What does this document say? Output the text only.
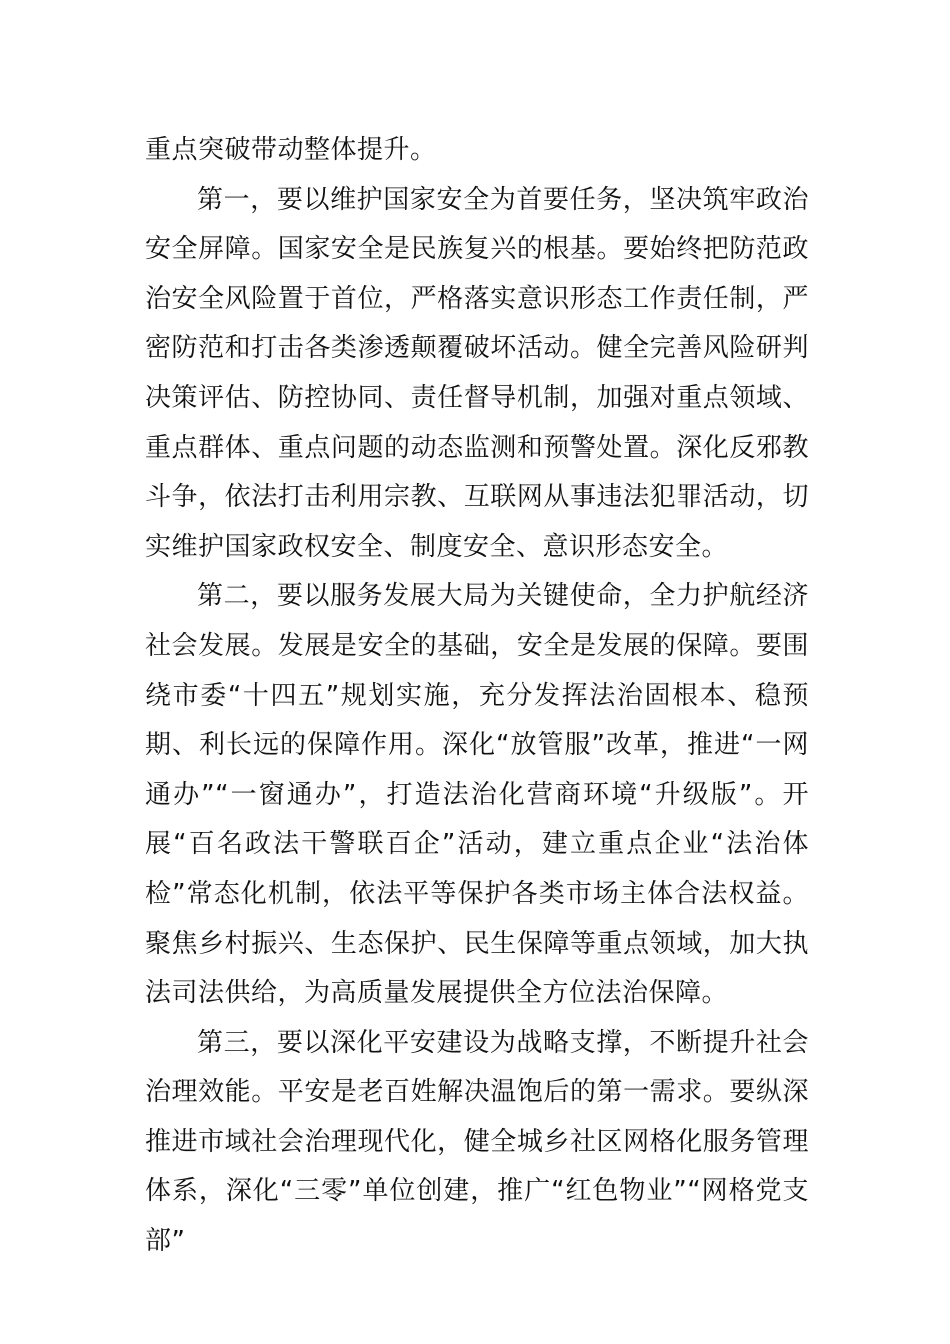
重点突破带动整体提升。

第一，要以维护国家安全为首要任务，坚决筑牢政治安全屏障。国家安全是民族复兴的根基。要始终把防范政治安全风险置于首位，严格落实意识形态工作责任制，严密防范和打击各类渗透颠覆破坏活动。健全完善风险研判决策评估、防控协同、责任督导机制，加强对重点领域、重点群体、重点问题的动态监测和预警处置。深化反邪教斗争，依法打击利用宗教、互联网从事违法犯罪活动，切实维护国家政权安全、制度安全、意识形态安全。

第二，要以服务发展大局为关键使命，全力护航经济社会发展。发展是安全的基础，安全是发展的保障。要围绕市委“十四五”规划实施，充分发挥法治固根本、稳预期、利长远的保障作用。深化“放管服”改革，推进“一网通办”“一窗通办”，打造法治化营商环境“升级版”。开展“百名政法干警联百企”活动，建立重点企业“法治体检”常态化机制，依法平等保护各类市场主体合法权益。聚焦乡村振兴、生态保护、民生保障等重点领域，加大执法司法供给，为高质量发展提供全方位法治保障。

第三，要以深化平安建设为战略支撑，不断提升社会治理效能。平安是老百姓解决温饱后的第一需求。要纵深推进市域社会治理现代化，健全城乡社区网格化服务管理体系，深化“三零”单位创建，推广“红色物业”“网格党支部”
